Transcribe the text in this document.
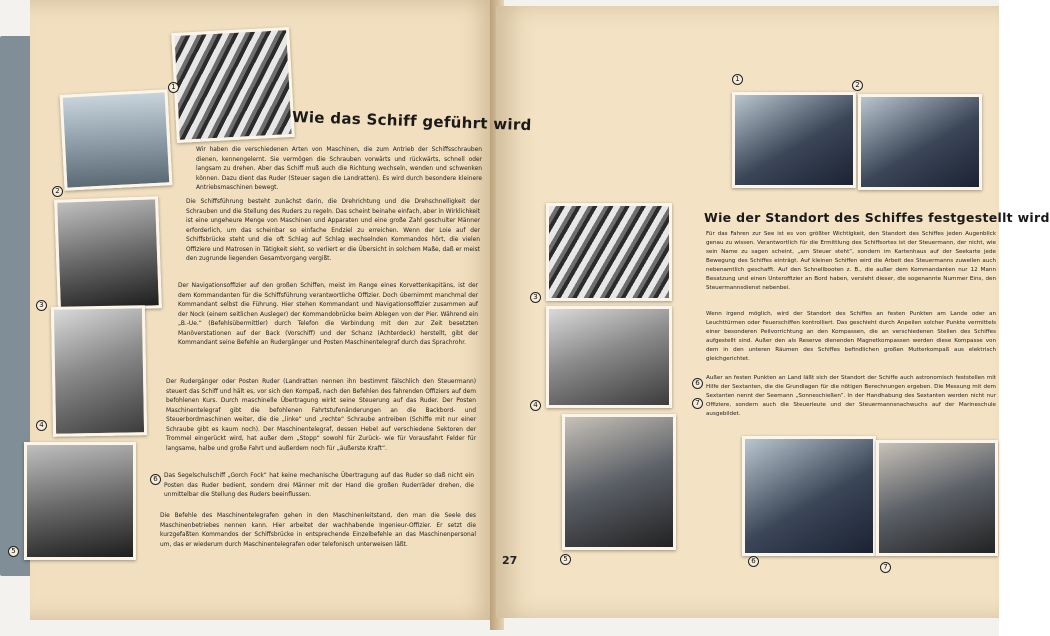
1
2
3
4
5
6
Wie das Schiff geführt wird
Wir haben die verschiedenen Arten von Maschinen, die zum Antrieb der Schiffsschrauben dienen, kennengelernt. Sie vermögen die Schrauben vorwärts und rückwärts, schnell oder langsam zu drehen. Aber das Schiff muß auch die Richtung wechseln, wenden und schwenken können. Dazu dient das Ruder (Steuer sagen die Landratten). Es wird durch besondere kleinere Antriebsmaschinen bewegt.
Die Schiffsführung besteht zunächst darin, die Drehrichtung und die Drehschnelligkeit der Schrauben und die Stellung des Ruders zu regeln. Das scheint beinahe einfach, aber in Wirklichkeit ist eine ungeheure Menge von Maschinen und Apparaten und eine große Zahl geschulter Männer erforderlich, um das scheinbar so einfache Endziel zu erreichen. Wenn der Loie auf der Schiffsbrücke steht und die oft Schlag auf Schlag wechselnden Kommandos hört, die vielen Offiziere und Matrosen in Tätigkeit sieht, so verliert er die Übersicht in solchem Maße, daß er meist den zugrunde liegenden Gesamtvorgang vergißt.
Der Navigationsoffizier auf den großen Schiffen, meist im Range eines Korvettenkapitäns, ist der dem Kommandanten für die Schiffsführung verantwortliche Offizier. Doch übernimmt manchmal der Kommandant selbst die Führung. Hier stehen Kommandant und Navigationsoffizier zusammen auf der Nock (einem seitlichen Ausleger) der Kommandobrücke beim Ablegen von der Pier. Während ein „B.-Ue.“ (Befehlsübermittler) durch Telefon die Verbindung mit den zur Zeit besetzten Manöverstationen auf der Back (Vorschiff) und der Schanz (Achterdeck) herstellt, gibt der Kommandant seine Befehle an Rudergänger und Posten Maschinentelegraf durch das Sprachrohr.
Der Rudergänger oder Posten Ruder (Landratten nennen ihn bestimmt fälschlich den Steuermann) steuert das Schiff und hält es, vor sich den Kompaß, nach den Befehlen des fahrenden Offiziers auf dem befohlenen Kurs. Durch maschinelle Übertragung wirkt seine Steuerung auf das Ruder. Der Posten Maschinentelegraf gibt die befohlenen Fahrtstufenänderungen an die Backbord- und Steuerbordmaschinen weiter, die die „linke“ und „rechte“ Schraube antreiben (Schiffe mit nur einer Schraube gibt es kaum noch). Der Maschinentelegraf, dessen Hebel auf verschiedene Sektoren der Trommel eingerückt wird, hat außer dem „Stopp“ sowohl für Zurück- wie für Vorausfahrt Felder für langsame, halbe und große Fahrt und außerdem noch für „äußerste Kraft“.
Das Segelschulschiff „Gorch Fock“ hat keine mechanische Übertragung auf das Ruder so daß nicht ein Posten das Ruder bedient, sondern drei Männer mit der Hand die großen Ruderräder drehen, die unmittelbar die Stellung des Ruders beeinflussen.
Die Befehle des Maschinentelegrafen gehen in den Maschinenleitstand, den man die Seele des Maschinenbetriebes nennen kann. Hier arbeitet der wachhabende Ingenieur-Offizier. Er setzt die kurzgefaßten Kommandos der Schiffsbrücke in entsprechende Einzelbefehle an das Maschinenpersonal um, das er wiederum durch Maschinentelegrafen oder telefonisch unterweisen läßt.
1
2
3
4
5	6
7
6
7
Wie der Standort des Schiffes festgestellt wird
Für das Fahren zur See ist es von größter Wichtigkeit, den Standort des Schiffes jeden Augenblick genau zu wissen. Verantwortlich für die Ermittlung des Schiffsortes ist der Steuermann, der nicht, wie sein Name zu sagen scheint, „am Steuer steht“, sondern im Kartenhaus auf der Seekarte jede Bewegung des Schiffes einträgt. Auf kleinen Schiffen wird die Arbeit des Steuermanns zuweilen auch nebenamtlich geschafft. Auf den Schnellbooten z. B., die außer dem Kommandanten nur 12 Mann Besatzung und einen Unteroffizier an Bord haben, versieht dieser, die sogenannte Nummer Eins, den Steuermannsdienst nebenbei.
Wenn irgend möglich, wird der Standort des Schiffes an festen Punkten am Lande oder an Leuchttürmen oder Feuerschiffen kontrolliert. Das geschieht durch Anpeilen solcher Punkte vermittels einer besonderen Peilvorrichtung an den Kompassen, die an verschiedenen Stellen des Schiffes aufgestellt sind. Außer den als Reserve dienenden Magnetkompassen werden diese Kompasse von dem in den unteren Räumen des Schiffes befindlichen großen Mutterkompaß aus elektrisch gleichgerichtet.
Außer an festen Punkten an Land läßt sich der Standort der Schiffe auch astronomisch feststellen mit Hilfe der Sextanten, die die Grundlagen für die nötigen Berechnungen ergeben. Die Messung mit dem Sextanten nennt der Seemann „Sonneschießen“. In der Handhabung des Sextanten werden nicht nur Offiziere, sondern auch die Steuerleute und der Steuermannsnachwuchs auf der Marineschule ausgebildet.
27
